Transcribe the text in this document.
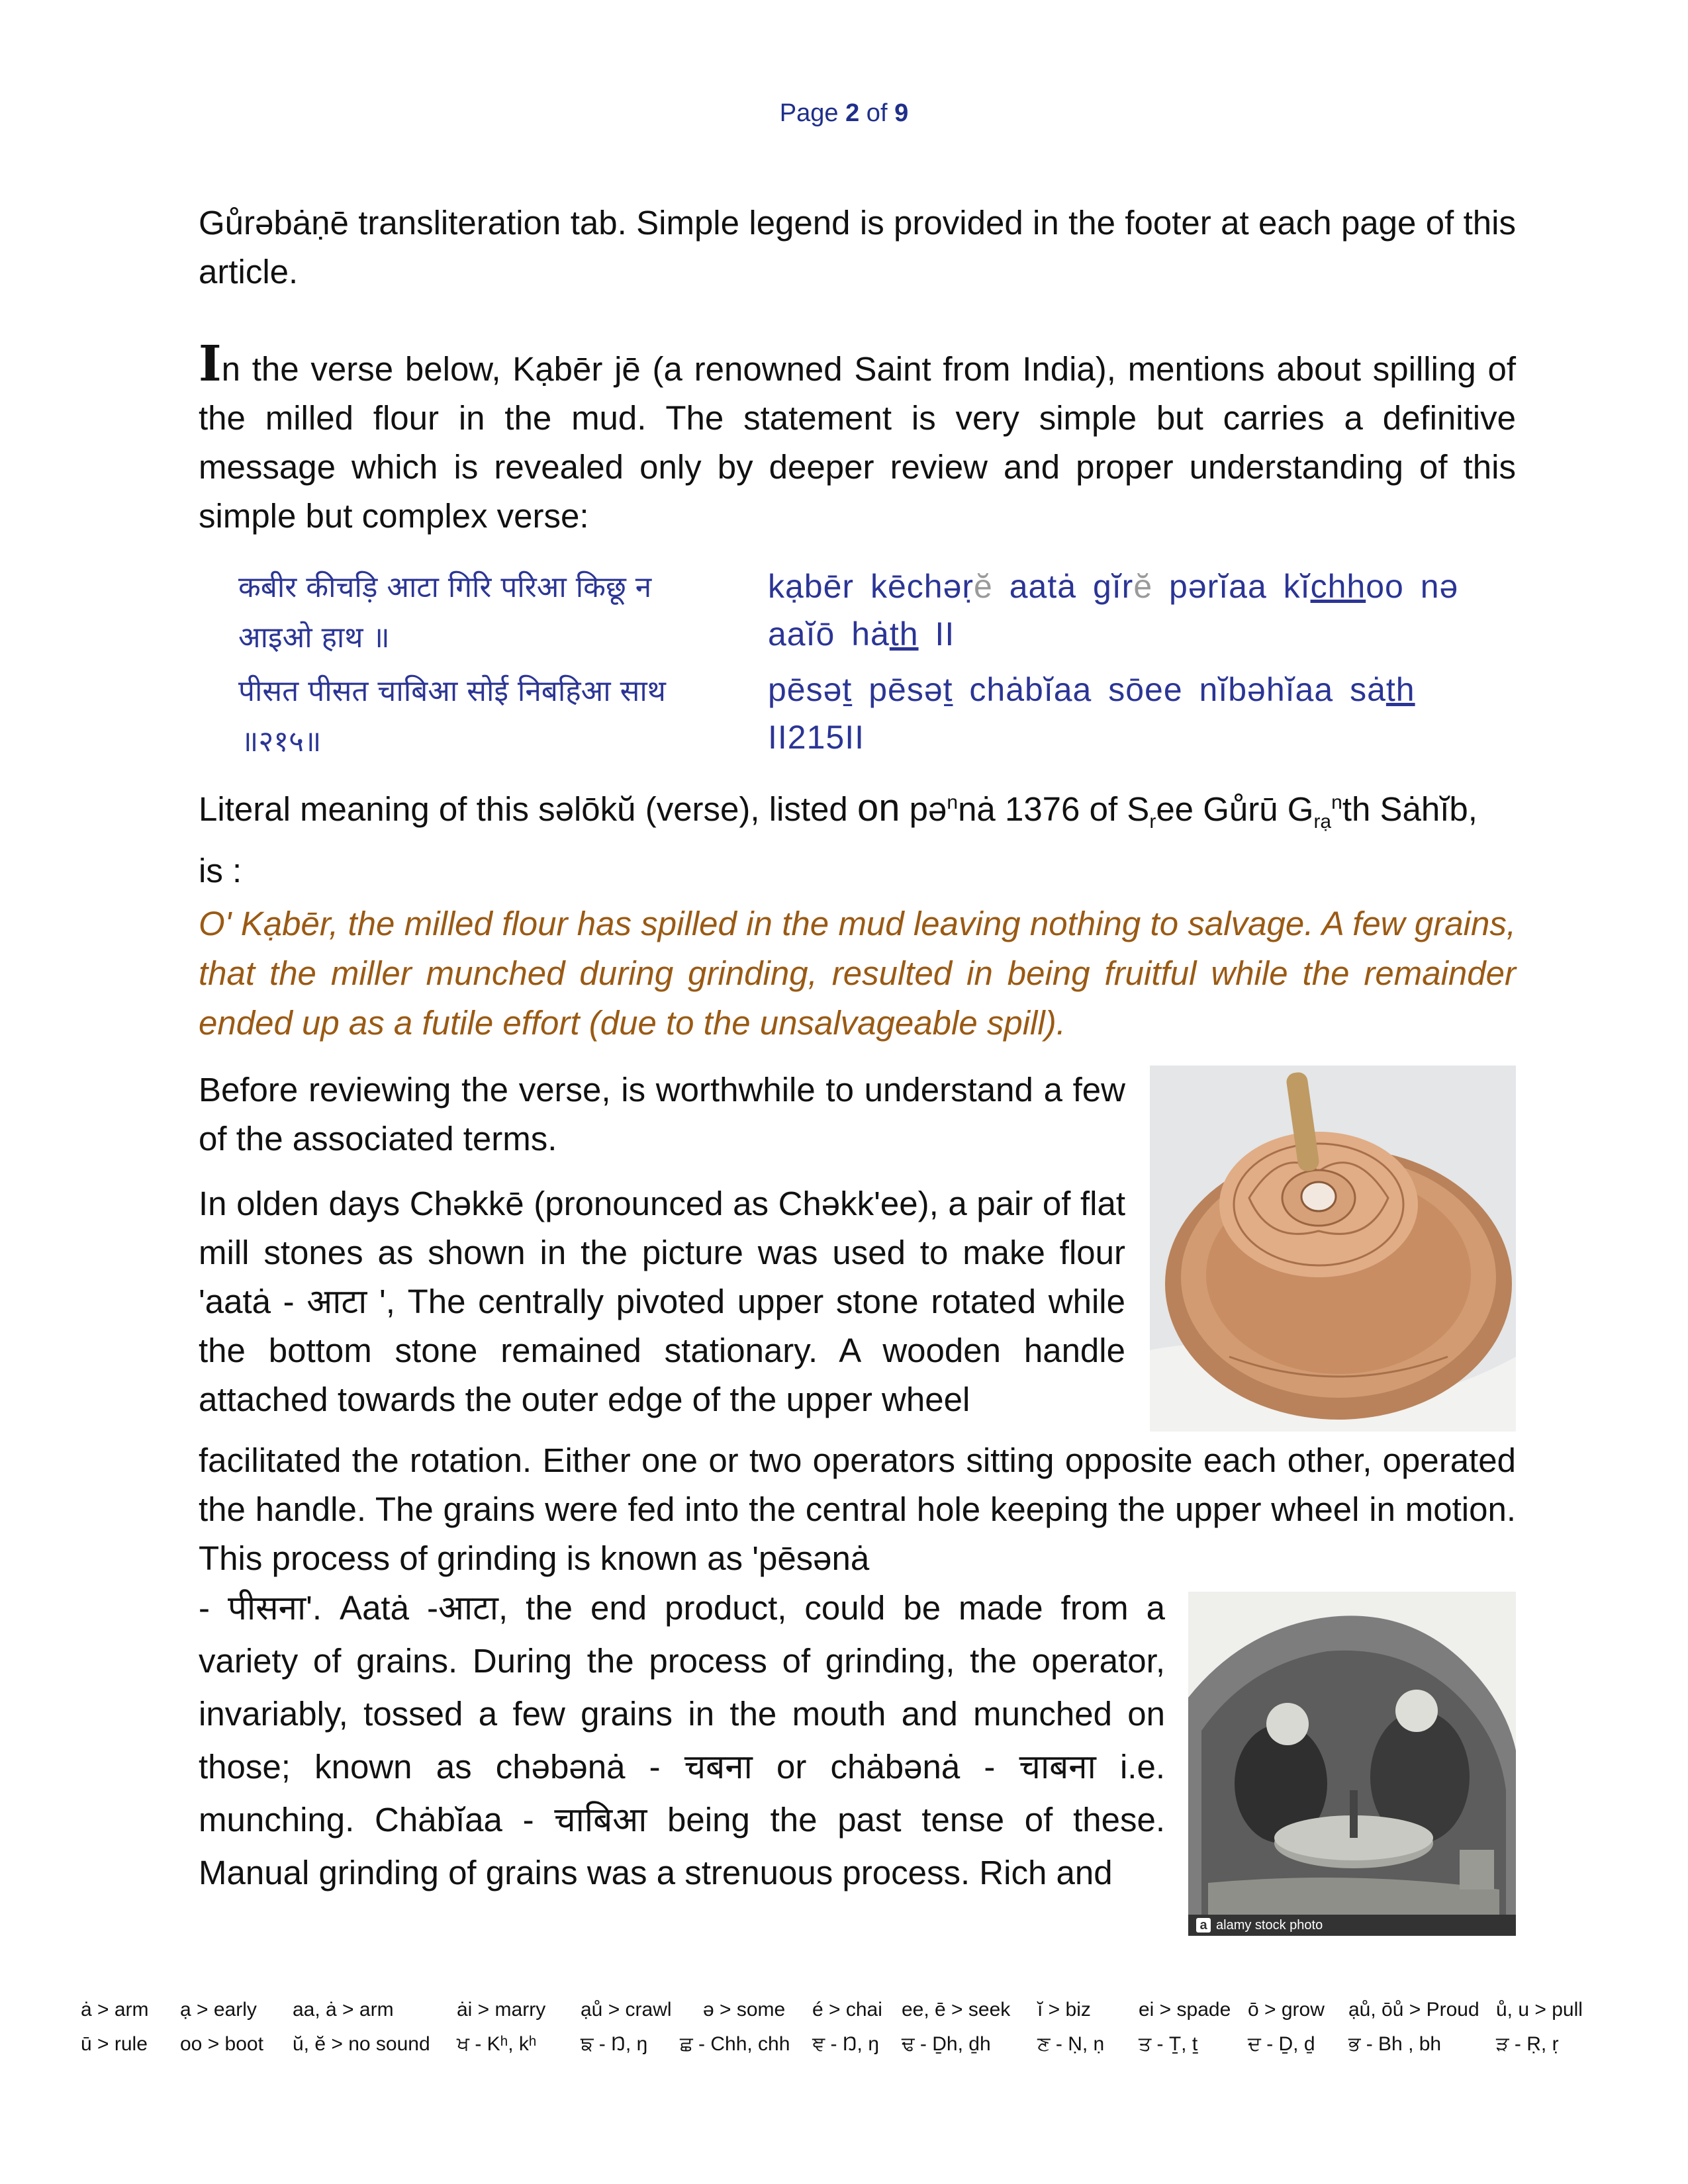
Page 2 of 9

Gůrəbȧṇē transliteration tab. Simple legend is provided in the footer at each page of this article.

In the verse below, Kạbēr jē (a renowned Saint from India), mentions about spilling of the milled flour in the mud. The statement is very simple but carries a definitive message which is revealed only by deeper review and proper understanding of this simple but complex verse:

कबीर कीचड़ि आटा गिरि परिआ किछू न
आइओ हाथ ॥
पीसत पीसत चाबिआ सोई निबहिआ साथ
॥२१५॥
kạbēr kēchəṛĕ aatȧ gĭrĕ pərĭaa kĭchhoo nə
aaĭō hȧth II
pēsəṯ pēsəṯ chȧbĭaa sōee nĭbəhĭaa sȧth
II215II

Literal meaning of this səlōkŭ (verse), listed on pə$^n$nȧ 1376 of $S_ree$ Gůrū $G_{rạ}^nth$ Sȧhĭb,

is :

O' Kạbēr, the milled flour has spilled in the mud leaving nothing to salvage. A few grains, that the miller munched during grinding, resulted in being fruitful while the remainder ended up as a futile effort (due to the unsalvageable spill).

Before reviewing the verse, is worthwhile to understand a few of the associated terms.

In olden days Chəkkē (pronounced as Chəkk'ee), a pair of flat mill stones as shown in the picture was used to make flour 'aatȧ - आटा ', The centrally pivoted upper stone rotated while the bottom stone remained stationary. A wooden handle attached towards the outer edge of the upper wheel

facilitated the rotation. Either one or two operators sitting opposite each other, operated the handle. The grains were fed into the central hole keeping the upper wheel in motion. This process of grinding is known as 'pēsənȧ

- पीसना'. Aatȧ -आटा, the end product, could be made from a variety of grains. During the process of grinding, the operator, invariably, tossed a few grains in the mouth and munched on those; known as chəbənȧ - चबना or chȧbənȧ - चाबना i.e. munching. Chȧbĭaa - चाबिआ being the past tense of these. Manual grinding of grains was a strenuous process. Rich and

a alamy stock photo
ȧ > arm ạ > early aa, ȧ > arm	ȧi > marry ạů > crawl ə > some é > chai ee, ē > seek ĭ > biz ei > spade ō > grow ạů, ōů > Proud ů, u > pull
ū > rule oo > boot ŭ, ĕ > no sound ਖ - Kʰ, kʰ ਙ - Ŋ, ŋ ਛ - Chh, chh ਞ - Ŋ, ŋ ਢ - Ḏh, ḏh ਣ - Ṇ, ṇ ਤ - Ṯ, ṯ	ਦ - Ḏ, ḏ ਭ - Bh , bh	ੜ - Ṛ, ṛ
